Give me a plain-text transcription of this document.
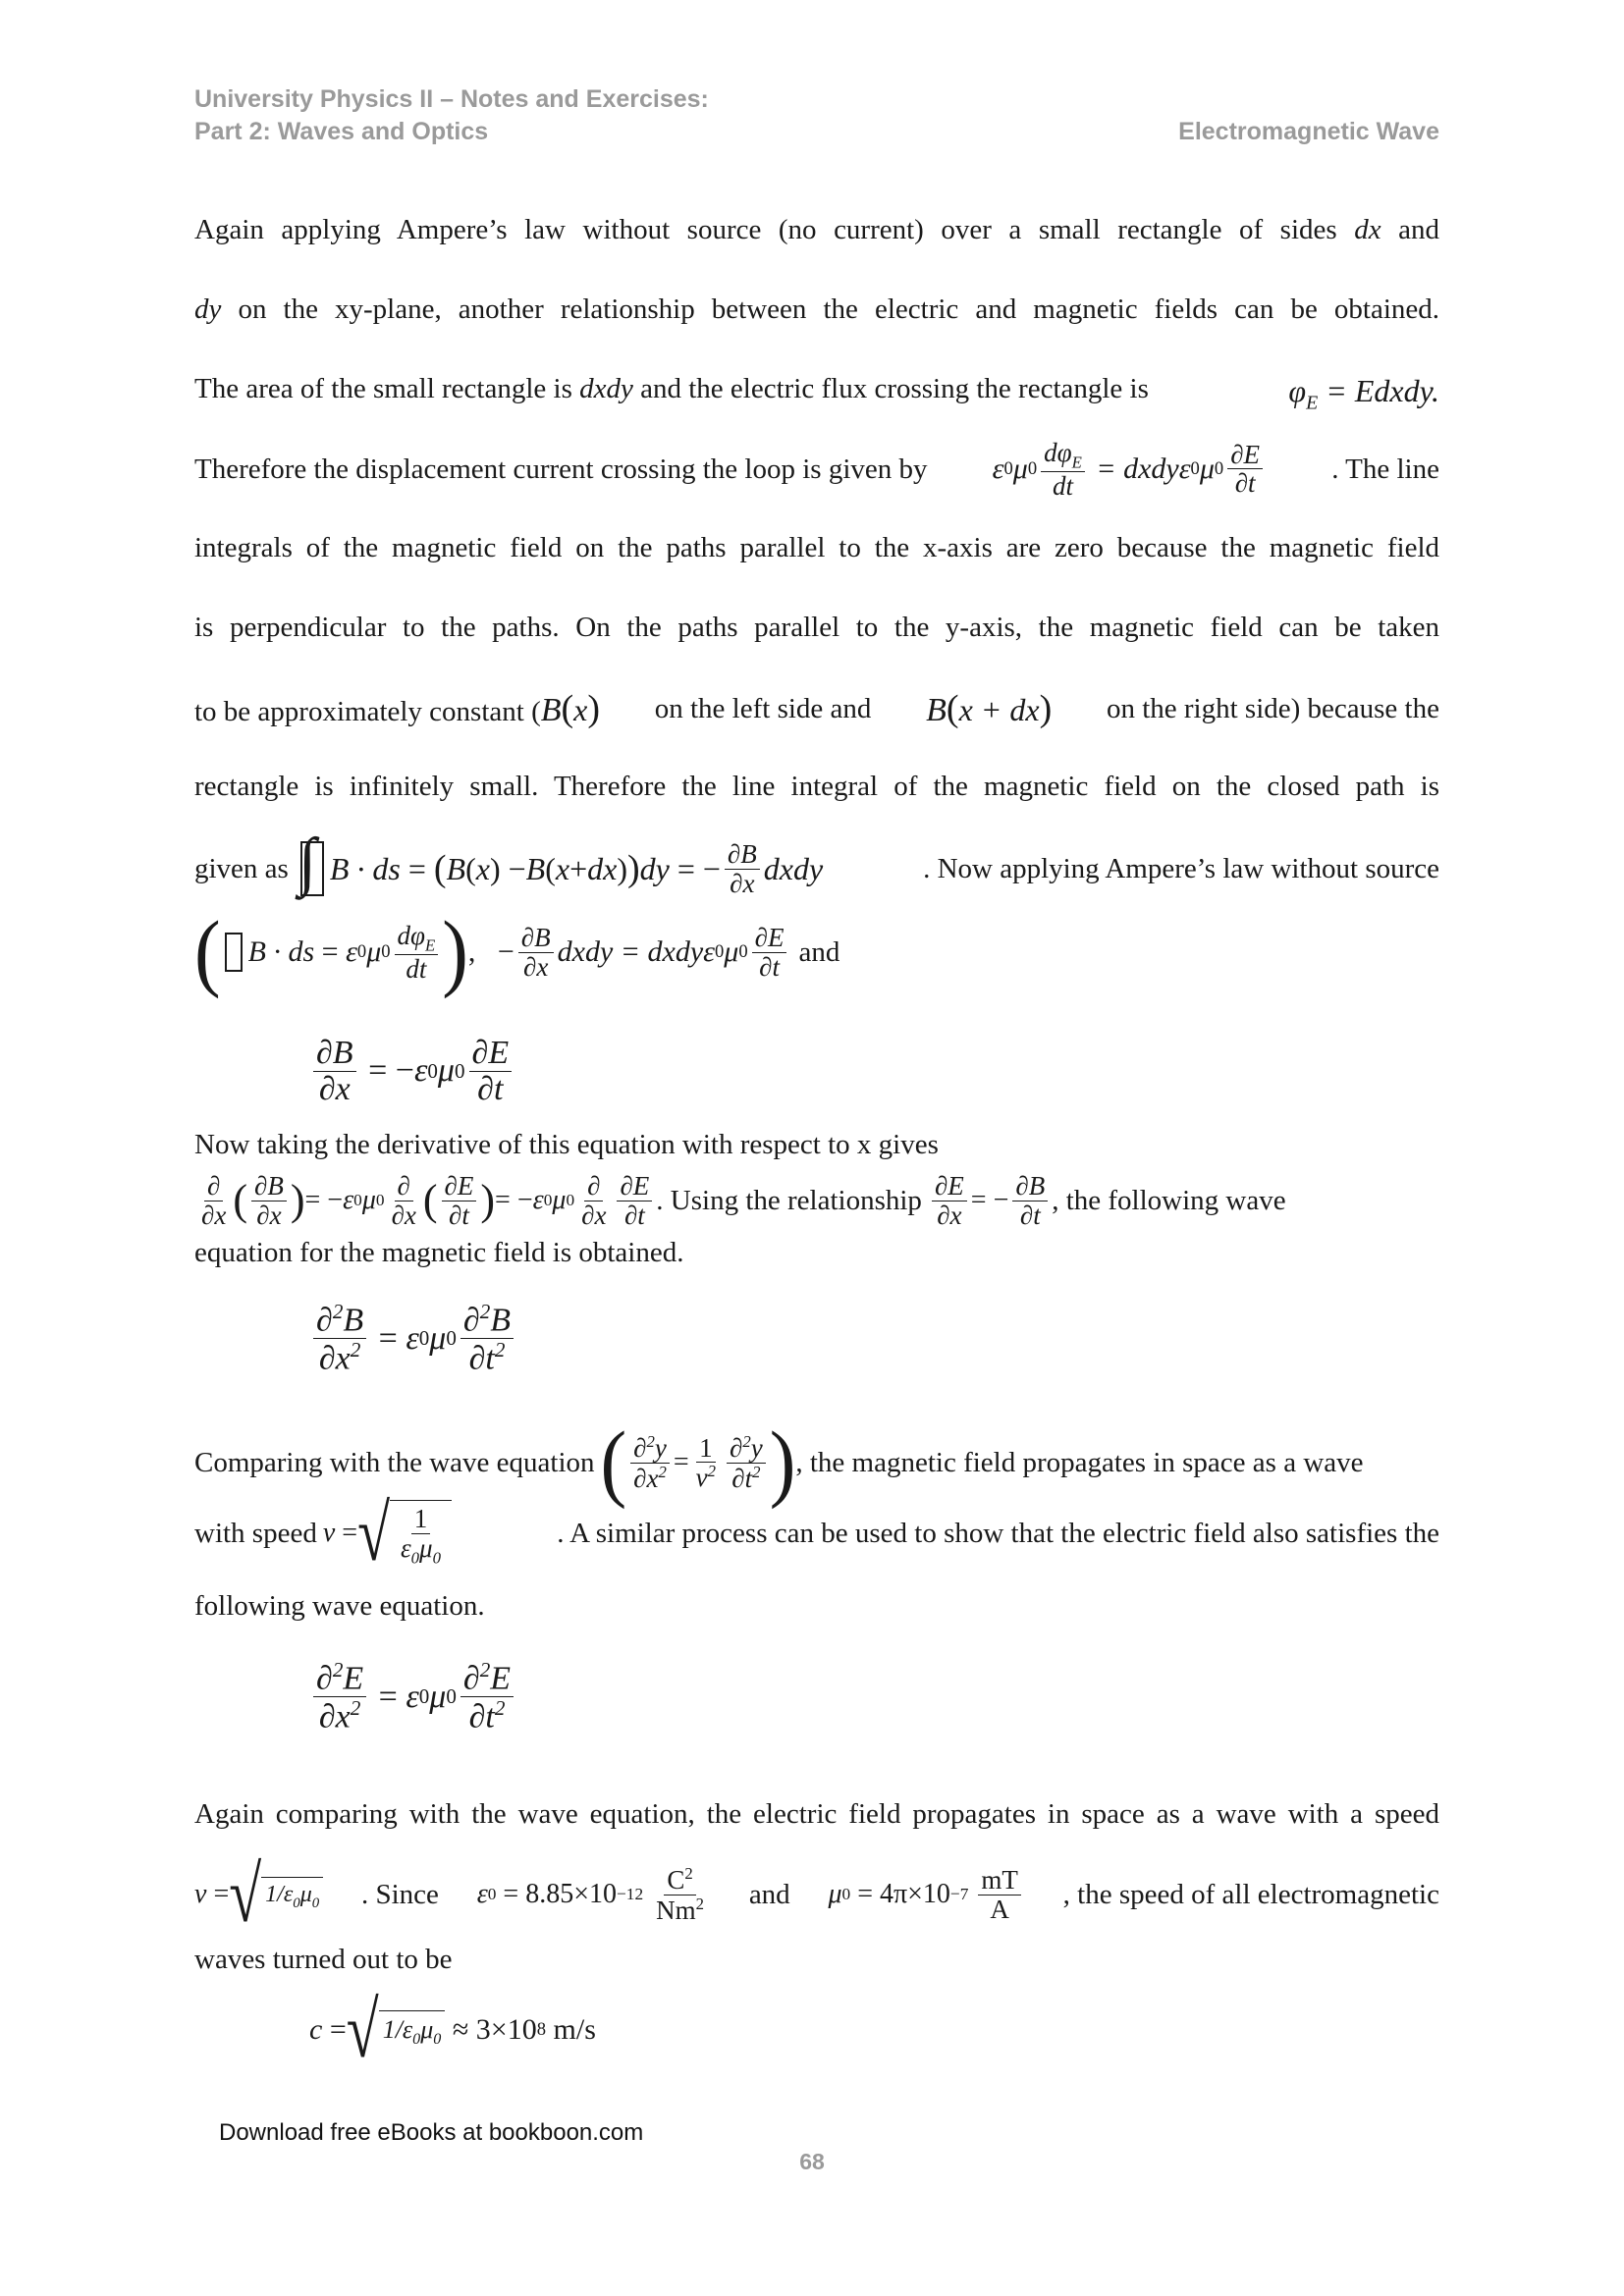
University Physics II – Notes and Exercises:
Part 2: Waves and Optics	Electromagnetic Wave
Again applying Ampere’s law without source (no current) over a small rectangle of sides dx and
dy on the xy-plane, another relationship between the electric and magnetic fields can be obtained.
The area of the small rectangle is dxdy and the electric flux crossing the rectangle is	$\varphi_E$ = Edxdy.
Therefore the displacement current crossing the loop is given by ε 0 μ $0 \frac{d\varphi_E}{dt}$ = dxdyε 0 μ $0 \frac{\partial E}{\partial t}$ . The line
integrals of the magnetic field on the paths parallel to the x-axis are zero because the magnetic field
is perpendicular to the paths. On the paths parallel to the y-axis, the magnetic field can be taken
to be approximately constant (B(x) on the left side and B(x + dx) on the right side) because the
rectangle is infinitely small. Therefore the line integral of the magnetic field on the closed path is
given as ∫ B · ds = ( B ( x ) − B ( x + dx ) ) dy = − $\frac{\partial B}{\partial x}$ dxdy	. Now applying Ampere’s law without source
( B · ds = ε 0 μ $0 \frac{d\varphi_E}{dt}$ ) ,   − $\frac{\partial B}{\partial x}$ dxdy = dxdyε 0 μ $0 \frac{\partial E}{\partial t}$ and
$\frac{\partial B}{\partial x}$ = − ε 0 μ $0 \frac{\partial E}{\partial t}$
Now taking the derivative of this equation with respect to x gives
$\frac{\partial}{\partial x}$ ( $\frac{\partial B}{\partial x}$ ) = − ε 0 μ $0 \frac{\partial}{\partial x}$ ( $\frac{\partial E}{\partial t}$ ) = − ε 0 μ $0 \frac{\partial}{\partial x} \frac{\partial E}{\partial t}$ . Using the relationship $\frac{\partial E}{\partial x}$ = − $\frac{\partial B}{\partial t}$ , the following wave
equation for the magnetic field is obtained.
$\frac{\partial^2B}{\partial x^2} = \varepsilon$ 0 μ $0 \frac{\partial^2B}{\partial t^2}$
Comparing with the wave equation ( $\frac{\partial^2y}{\partial x^2} = \frac{1}{v^2} \frac{\partial^2y}{\partial t^2}$ ) , the magnetic field propagates in space as a wave
with speed v = √ $\frac{1}{\varepsilon_0\mu_0}$	. A similar process can be used to show that the electric field also satisfies the
following wave equation.
$\frac{\partial^2E}{\partial x^2} = \varepsilon$ 0 μ $0 \frac{\partial^2E}{\partial t^2}$
Again comparing with the wave equation, the electric field propagates in space as a wave with a speed
v = √ $1/\varepsilon_0\mu_0$ . Since ε 0
= $8.85\times 10 -12 \frac{C^2}{Nm^2}$ and μ 0
= $4\pi\times 10 -7 \frac{mT}{A}$ , the speed of all electromagnetic
waves turned out to be
c = √ $1/\varepsilon_0\mu_0$
≈ 3×10 8
m/s
Download free eBooks at bookboon.com
68
